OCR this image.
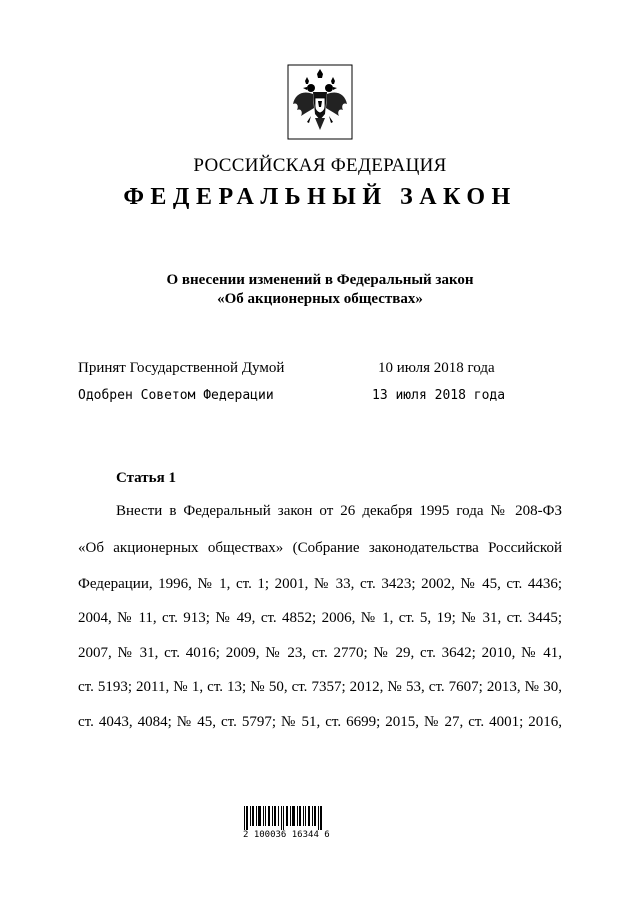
РОССИЙСКАЯ ФЕДЕРАЦИЯ
ФЕДЕРАЛЬНЫЙ ЗАКОН
О внесении изменений в Федеральный закон
«Об акционерных обществах»
Принят Государственной Думой	10 июля 2018 года
Одобрен Советом Федерации	13 июля 2018 года
Статья 1
Внести в Федеральный закон от 26 декабря 1995 года № 208-ФЗ
«Об акционерных обществах» (Собрание законодательства Российской
Федерации, 1996, № 1, ст. 1; 2001, № 33, ст. 3423; 2002, № 45, ст. 4436;
2004, № 11, ст. 913; № 49, ст. 4852; 2006, № 1, ст. 5, 19; № 31, ст. 3445;
2007, № 31, ст. 4016; 2009, № 23, ст. 2770; № 29, ст. 3642; 2010, № 41,
ст. 5193; 2011, № 1, ст. 13; № 50, ст. 7357; 2012, № 53, ст. 7607; 2013, № 30,
ст. 4043, 4084; № 45, ст. 5797; № 51, ст. 6699; 2015, № 27, ст. 4001; 2016,
2 100036 16344 6
